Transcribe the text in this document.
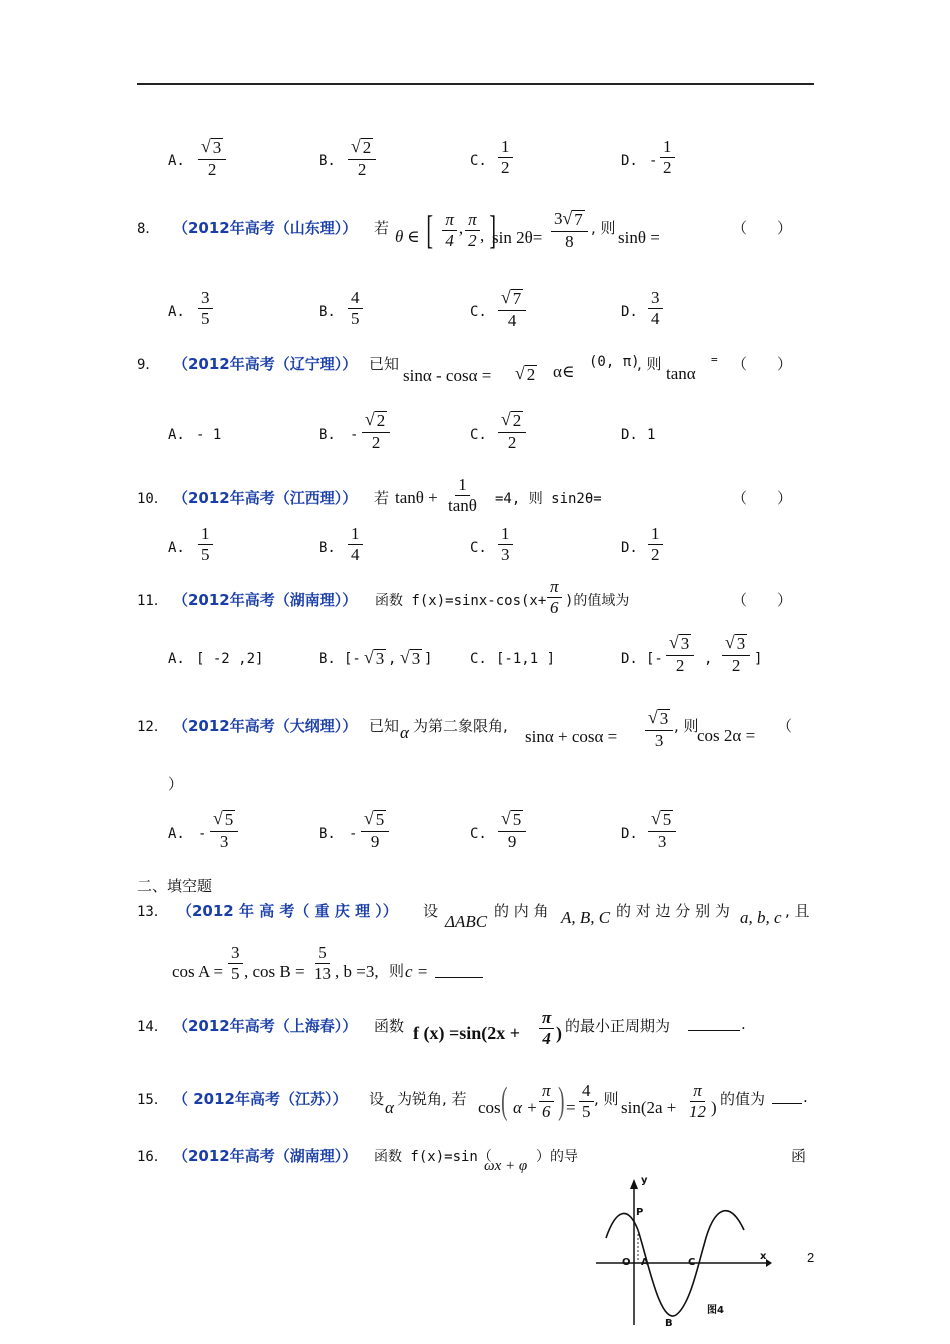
A. $\frac{√ 3}{2}$	B. $\frac{√ 2}{2}$	C. $\frac{1}{2}$	D. - $\frac{1}{2}$
8． （2012年高考（山东理）） 若 θ ∈ [ $\frac{\pi}{4}$ , $\frac{\pi}{2}$ ]
, $\sin 2\theta= \frac{3 √ 7}{8}$ , 则 sinθ =	（　　）
A. $\frac{3}{5}$	B. $\frac{4}{5}$	C. $\frac{√ 7}{4}$	D. $\frac{3}{4}$
9． （2012年高考（辽宁理）） 已知
sinα - cosα = √ 2 α∈ (0, π)
, 则 tanα
= （　　）
A. - 1	B. - $\frac{√ 2}{2}$	C. $\frac{√ 2}{2}$	D. 1
10． （2012年高考（江西理）） 若 $\tan\theta + \frac{1}{\tan\theta} =4$, 则 sin2θ=	（　　）
A. $\frac{1}{5}$	B. $\frac{1}{4}$	C. $\frac{1}{3}$	D. $\frac{1}{2}$
11． （2012年高考（湖南理）） 函数 $f(x)=\sin x-\cos(x+ \frac{\pi}{6}$ )的值域为	（　　）
A. [ -2 ,2]	B. [- √ 3 , √ 3 ]	C. [-1,1 ]	D. [- $\frac{√ 3}{2}$ , $\frac{√ 3}{2}$ ]
12． （2012年高考（大纲理）） 已知 α 为第二象限角,
$\sin\alpha + \cos\alpha = \frac{√ 3}{3}$ , 则
cos 2α = （
）
A. - $\frac{√ 5}{3}$	B. - $\frac{√ 5}{9}$	C. $\frac{√ 5}{9}$	D. $\frac{√ 5}{3}$
二、填空题
13． （2012 年 高 考（ 重 庆 理 ）） 设
ΔABC
的 内 角 A, B, C 的 对 边 分 别 为 a, b, c , 且
$\cos A = \frac{3}{5}$ , $\cos B = \frac{5}{13}$ , b =3, 则 c =
14． （2012年高考（上海春）） 函数 f $(x) =\sin(2x + \frac{\pi}{4}$ ) 的最小正周期为	.
15． （ 2012年高考（江苏）） 设 α 为锐角, 若 cos ( $\alpha + \frac{\pi}{6}$ ) = $\frac{4}{5}$ , 则 $\sin(2a + \frac{\pi}{12}$ ) 的值为	.
16． （2012年高考（湖南理）） 函数 f(x)=sin（
ωx + φ
）的导	函
y
x
O A	C
P
B
图4
2
